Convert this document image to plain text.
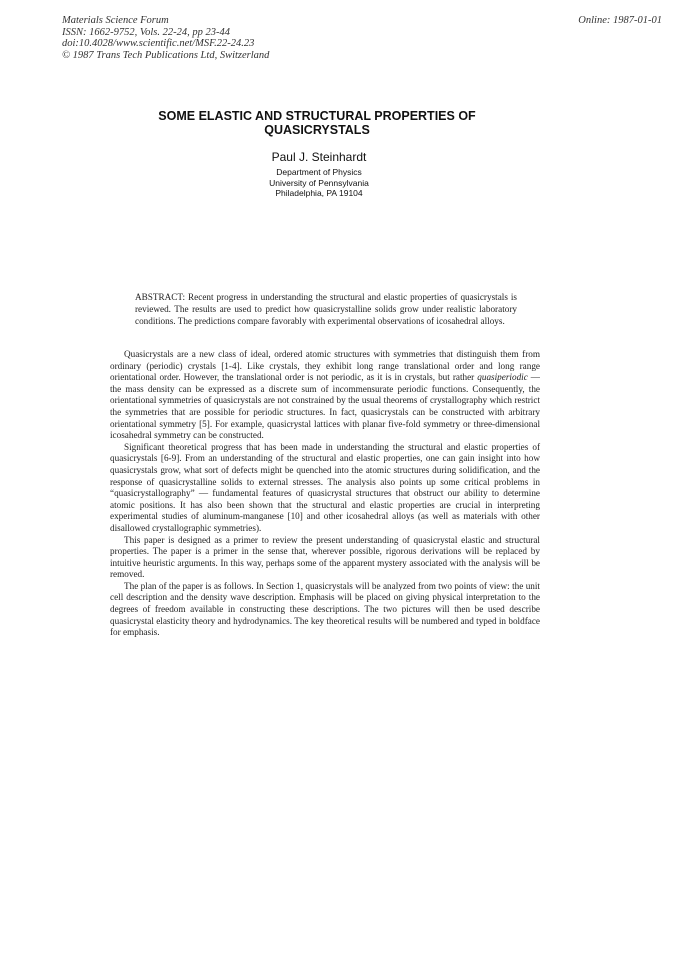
Materials Science Forum
ISSN: 1662-9752, Vols. 22-24, pp 23-44
doi:10.4028/www.scientific.net/MSF.22-24.23
© 1987 Trans Tech Publications Ltd, Switzerland
Online: 1987-01-01
SOME ELASTIC AND STRUCTURAL PROPERTIES OF
QUASICRYSTALS
Paul J. Steinhardt
Department of Physics
University of Pennsylvania
Philadelphia, PA 19104
ABSTRACT: Recent progress in understanding the structural and elastic properties of quasicrystals is reviewed. The results are used to predict how quasicrystalline solids grow under realistic laboratory conditions. The predictions compare favorably with experimental observations of icosahedral alloys.

Quasicrystals are a new class of ideal, ordered atomic structures with symmetries that distinguish them from ordinary (periodic) crystals [1-4]. Like crystals, they exhibit long range translational order and long range orientational order. However, the translational order is not periodic, as it is in crystals, but rather quasiperiodic — the mass density can be expressed as a discrete sum of incommensurate periodic functions. Consequently, the orientational symmetries of quasicrystals are not constrained by the usual theorems of crystallography which restrict the symmetries that are possible for periodic structures. In fact, quasicrystals can be constructed with arbitrary orientational symmetry [5]. For example, quasicrystal lattices with planar five-fold symmetry or three-dimensional icosahedral symmetry can be constructed.

Significant theoretical progress that has been made in understanding the structural and elastic properties of quasicrystals [6-9]. From an understanding of the structural and elastic properties, one can gain insight into how quasicrystals grow, what sort of defects might be quenched into the atomic structures during solidification, and the response of quasicrystalline solids to external stresses. The analysis also points up some critical problems in “quasicrystallography” — fundamental features of quasicrystal structures that obstruct our ability to determine atomic positions. It has also been shown that the structural and elastic properties are crucial in interpreting experimental studies of aluminum-manganese [10] and other icosahedral alloys (as well as materials with other disallowed crystallographic symmetries).

This paper is designed as a primer to review the present understanding of quasicrystal elastic and structural properties. The paper is a primer in the sense that, wherever possible, rigorous derivations will be replaced by intuitive heuristic arguments. In this way, perhaps some of the apparent mystery associated with the analysis will be removed.

The plan of the paper is as follows. In Section 1, quasicrystals will be analyzed from two points of view: the unit cell description and the density wave description. Emphasis will be placed on giving physical interpretation to the degrees of freedom available in constructing these descriptions. The two pictures will then be used describe quasicrystal elasticity theory and hydrodynamics. The key theoretical results will be numbered and typed in boldface for emphasis.
